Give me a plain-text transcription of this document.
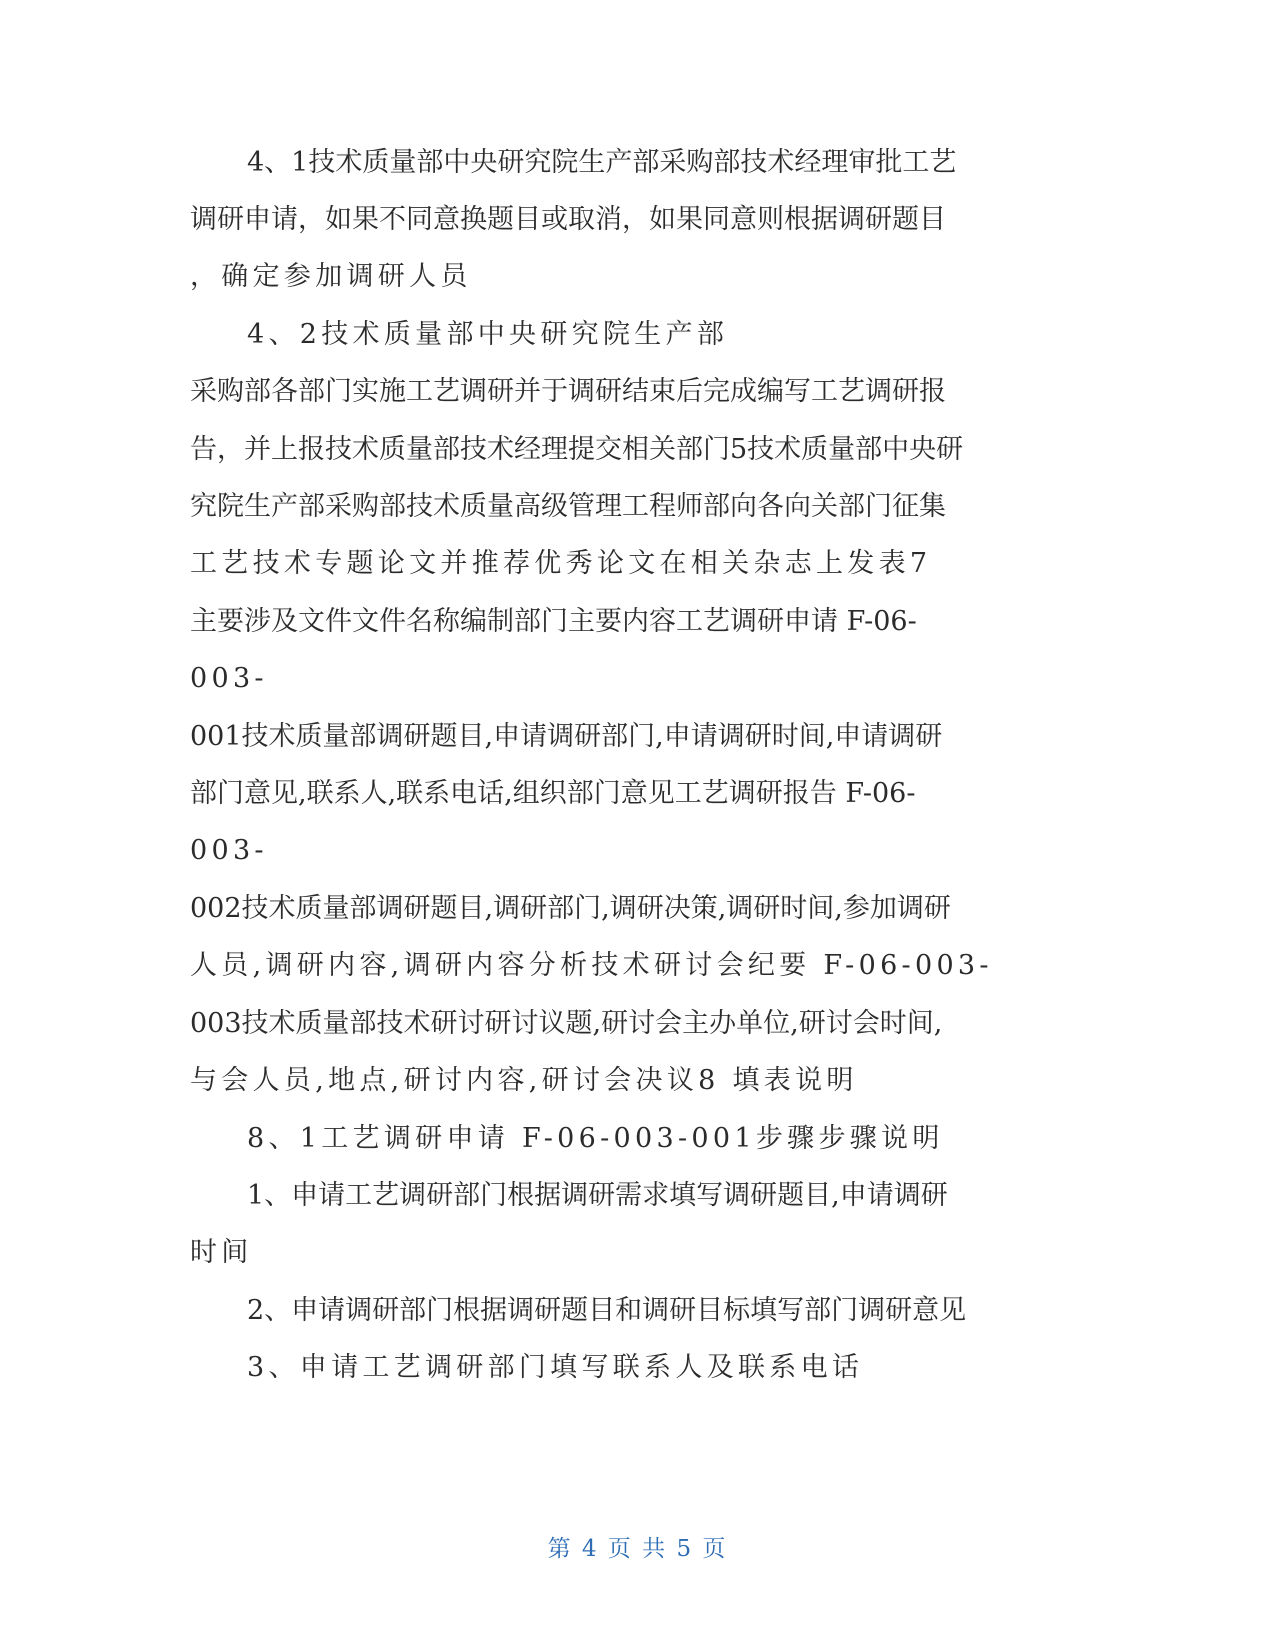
4、1技术质量部中央研究院生产部采购部技术经理审批工艺
调研申请，如果不同意换题目或取消，如果同意则根据调研题目
，确定参加调研人员
4、2技术质量部中央研究院生产部
采购部各部门实施工艺调研并于调研结束后完成编写工艺调研报
告，并上报技术质量部技术经理提交相关部门5技术质量部中央研
究院生产部采购部技术质量高级管理工程师部向各向关部门征集
工艺技术专题论文并推荐优秀论文在相关杂志上发表7
主要涉及文件文件名称编制部门主要内容工艺调研申请 F-06-
003-
001技术质量部调研题目,申请调研部门,申请调研时间,申请调研
部门意见,联系人,联系电话,组织部门意见工艺调研报告 F-06-
003-
002技术质量部调研题目,调研部门,调研决策,调研时间,参加调研
人员,调研内容,调研内容分析技术研讨会纪要 F-06-003-
003技术质量部技术研讨研讨议题,研讨会主办单位,研讨会时间,
与会人员,地点,研讨内容,研讨会决议8 填表说明
8、1工艺调研申请 F-06-003-001步骤步骤说明
1、申请工艺调研部门根据调研需求填写调研题目,申请调研
时间
2、申请调研部门根据调研题目和调研目标填写部门调研意见
3、申请工艺调研部门填写联系人及联系电话
第 4 页 共 5 页
